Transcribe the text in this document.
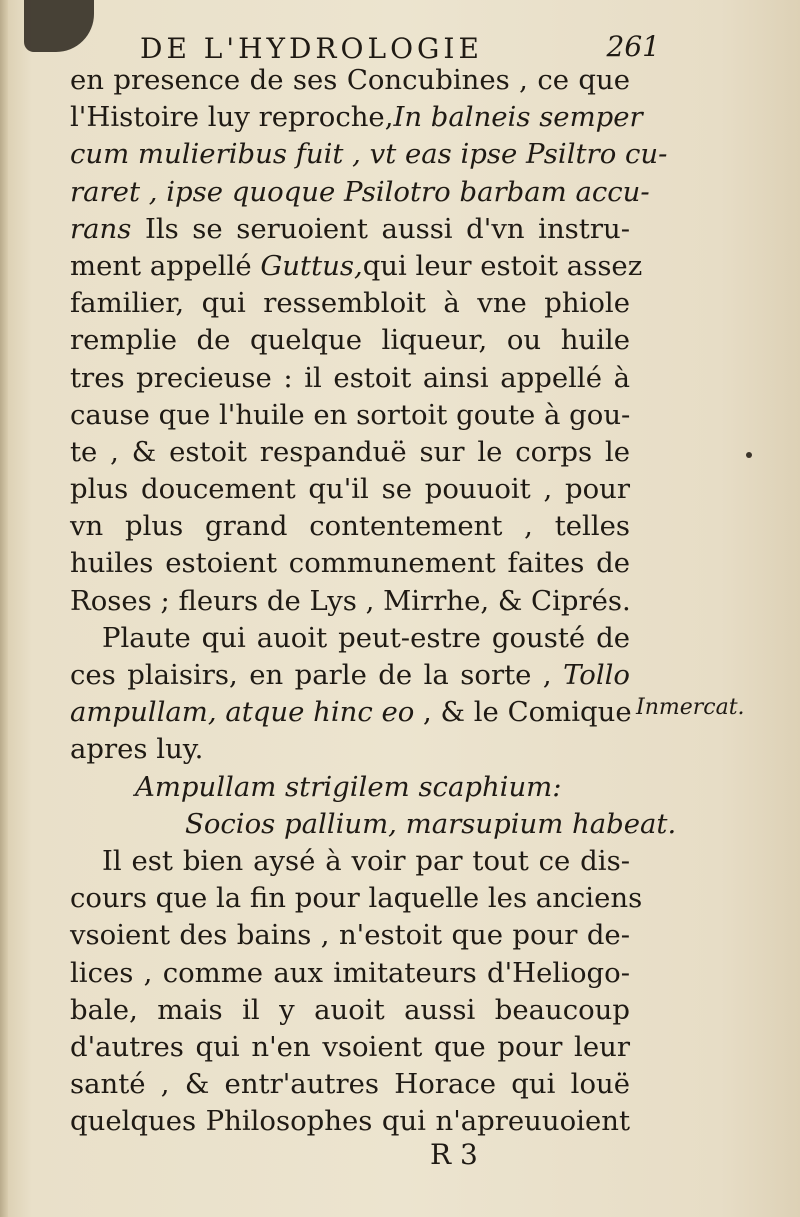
DE L'HYDROLOGIE	261
en presence de ses Concubines , ce que
l'Histoire luy reproche,In balneis semper
cum mulieribus fuit , vt eas ipse Psiltro cu-
raret , ipse quoque Psilotro barbam accu-
rans Ils se seruoient aussi d'vn instru-
ment appellé Guttus,qui leur estoit assez
familier, qui ressembloit à vne phiole
remplie de quelque liqueur, ou huile
tres precieuse : il estoit ainsi appellé à
cause que l'huile en sortoit goute à gou-
te , & estoit respanduë sur le corps le
plus doucement qu'il se pouuoit , pour
vn plus grand contentement , telles
huiles estoient communement faites de
Roses ; fleurs de Lys , Mirrhe, & Ciprés.
Plaute qui auoit peut-estre gousté de
ces plaisirs, en parle de la sorte , Tollo
ampullam, atque hinc eo , & le Comique
apres luy.
Ampullam strigilem scaphium:
Socios pallium, marsupium habeat.
Il est bien aysé à voir par tout ce dis-
cours que la fin pour laquelle les anciens
vsoient des bains , n'estoit que pour de-
lices , comme aux imitateurs d'Heliogo-
bale, mais il y auoit aussi beaucoup
d'autres qui n'en vsoient que pour leur
santé , & entr'autres Horace qui louë
quelques Philosophes qui n'apreuuoient
Inmercat.
R 3
